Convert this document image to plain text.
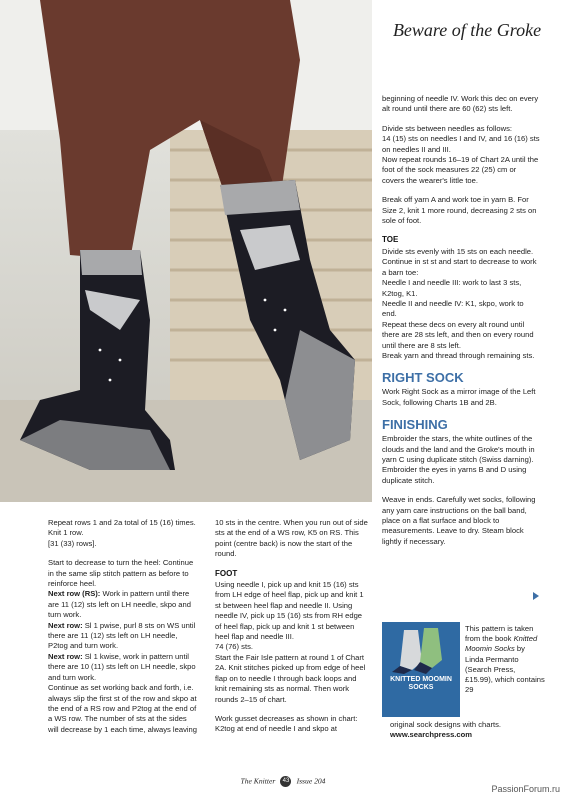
Beware of the Groke

beginning of needle IV. Work this dec on every alt round until there are 60 (62) sts left.

Divide sts between needles as follows:
14 (15) sts on needles I and IV, and 16 (16) sts on needles II and III.
Now repeat rounds 16–19 of Chart 2A until the foot of the sock measures 22 (25) cm or covers the wearer's little toe.

Break off yarn A and work toe in yarn B. For Size 2, knit 1 more round, decreasing 2 sts on sole of foot.

TOE

Divide sts evenly with 15 sts on each needle.
Continue in st st and start to decrease to work a barn toe:
Needle I and needle III: work to last 3 sts, K2tog, K1.
Needle II and needle IV: K1, skpo, work to end.
Repeat these decs on every alt round until there are 28 sts left, and then on every round until there are 8 sts left.
Break yarn and thread through remaining sts.

RIGHT SOCK

Work Right Sock as a mirror image of the Left Sock, following Charts 1B and 2B.

FINISHING

Embroider the stars, the white outlines of the clouds and the land and the Groke's mouth in yarn C using duplicate stitch (Swiss darning).
Embroider the eyes in yarns B and D using duplicate stitch.

Weave in ends. Carefully wet socks, following any yarn care instructions on the ball band, place on a flat surface and block to measurements. Leave to dry. Steam block lightly if necessary.

Repeat rows 1 and 2a total of 15 (16) times. Knit 1 row.
[31 (33) rows].

Start to decrease to turn the heel: Continue in the same slip stitch pattern as before to reinforce heel.
Next row (RS): Work in pattern until there are 11 (12) sts left on LH needle, skpo and turn work.
Next row: Sl 1 pwise, purl 8 sts on WS until there are 11 (12) sts left on LH needle, P2tog and turn work.
Next row: Sl 1 kwise, work in pattern until there are 10 (11) sts left on LH needle, skpo and turn work.
Continue as set working back and forth, i.e. always slip the first st of the row and skpo at the end of a RS row and P2tog at the end of a WS row. The number of sts at the sides will decrease by 1 each time, always leaving

10 sts in the centre. When you run out of side sts at the end of a WS row, K5 on RS. This point (centre back) is now the start of the round.

FOOT
Using needle I, pick up and knit 15 (16) sts from LH edge of heel flap, pick up and knit 1 st between heel flap and needle II. Using needle IV, pick up 15 (16) sts from RH edge of heel flap, pick up and knit 1 st between heel flap and needle III.
74 (76) sts.

Start the Fair Isle pattern at round 1 of Chart 2A. Knit stitches picked up from edge of heel flap on to needle I through back loops and knit remaining sts as normal. Then work rounds 2–15 of chart.

Work gusset decreases as shown in chart: K2tog at end of needle I and skpo at

KNITTED MOOMIN SOCKS
This pattern is taken from the book Knitted Moomin Socks by Linda Permanto (Search Press, £15.99), which contains 29
original sock designs with charts.
www.searchpress.com
The Knitter 43 Issue 204
PassionForum.ru
